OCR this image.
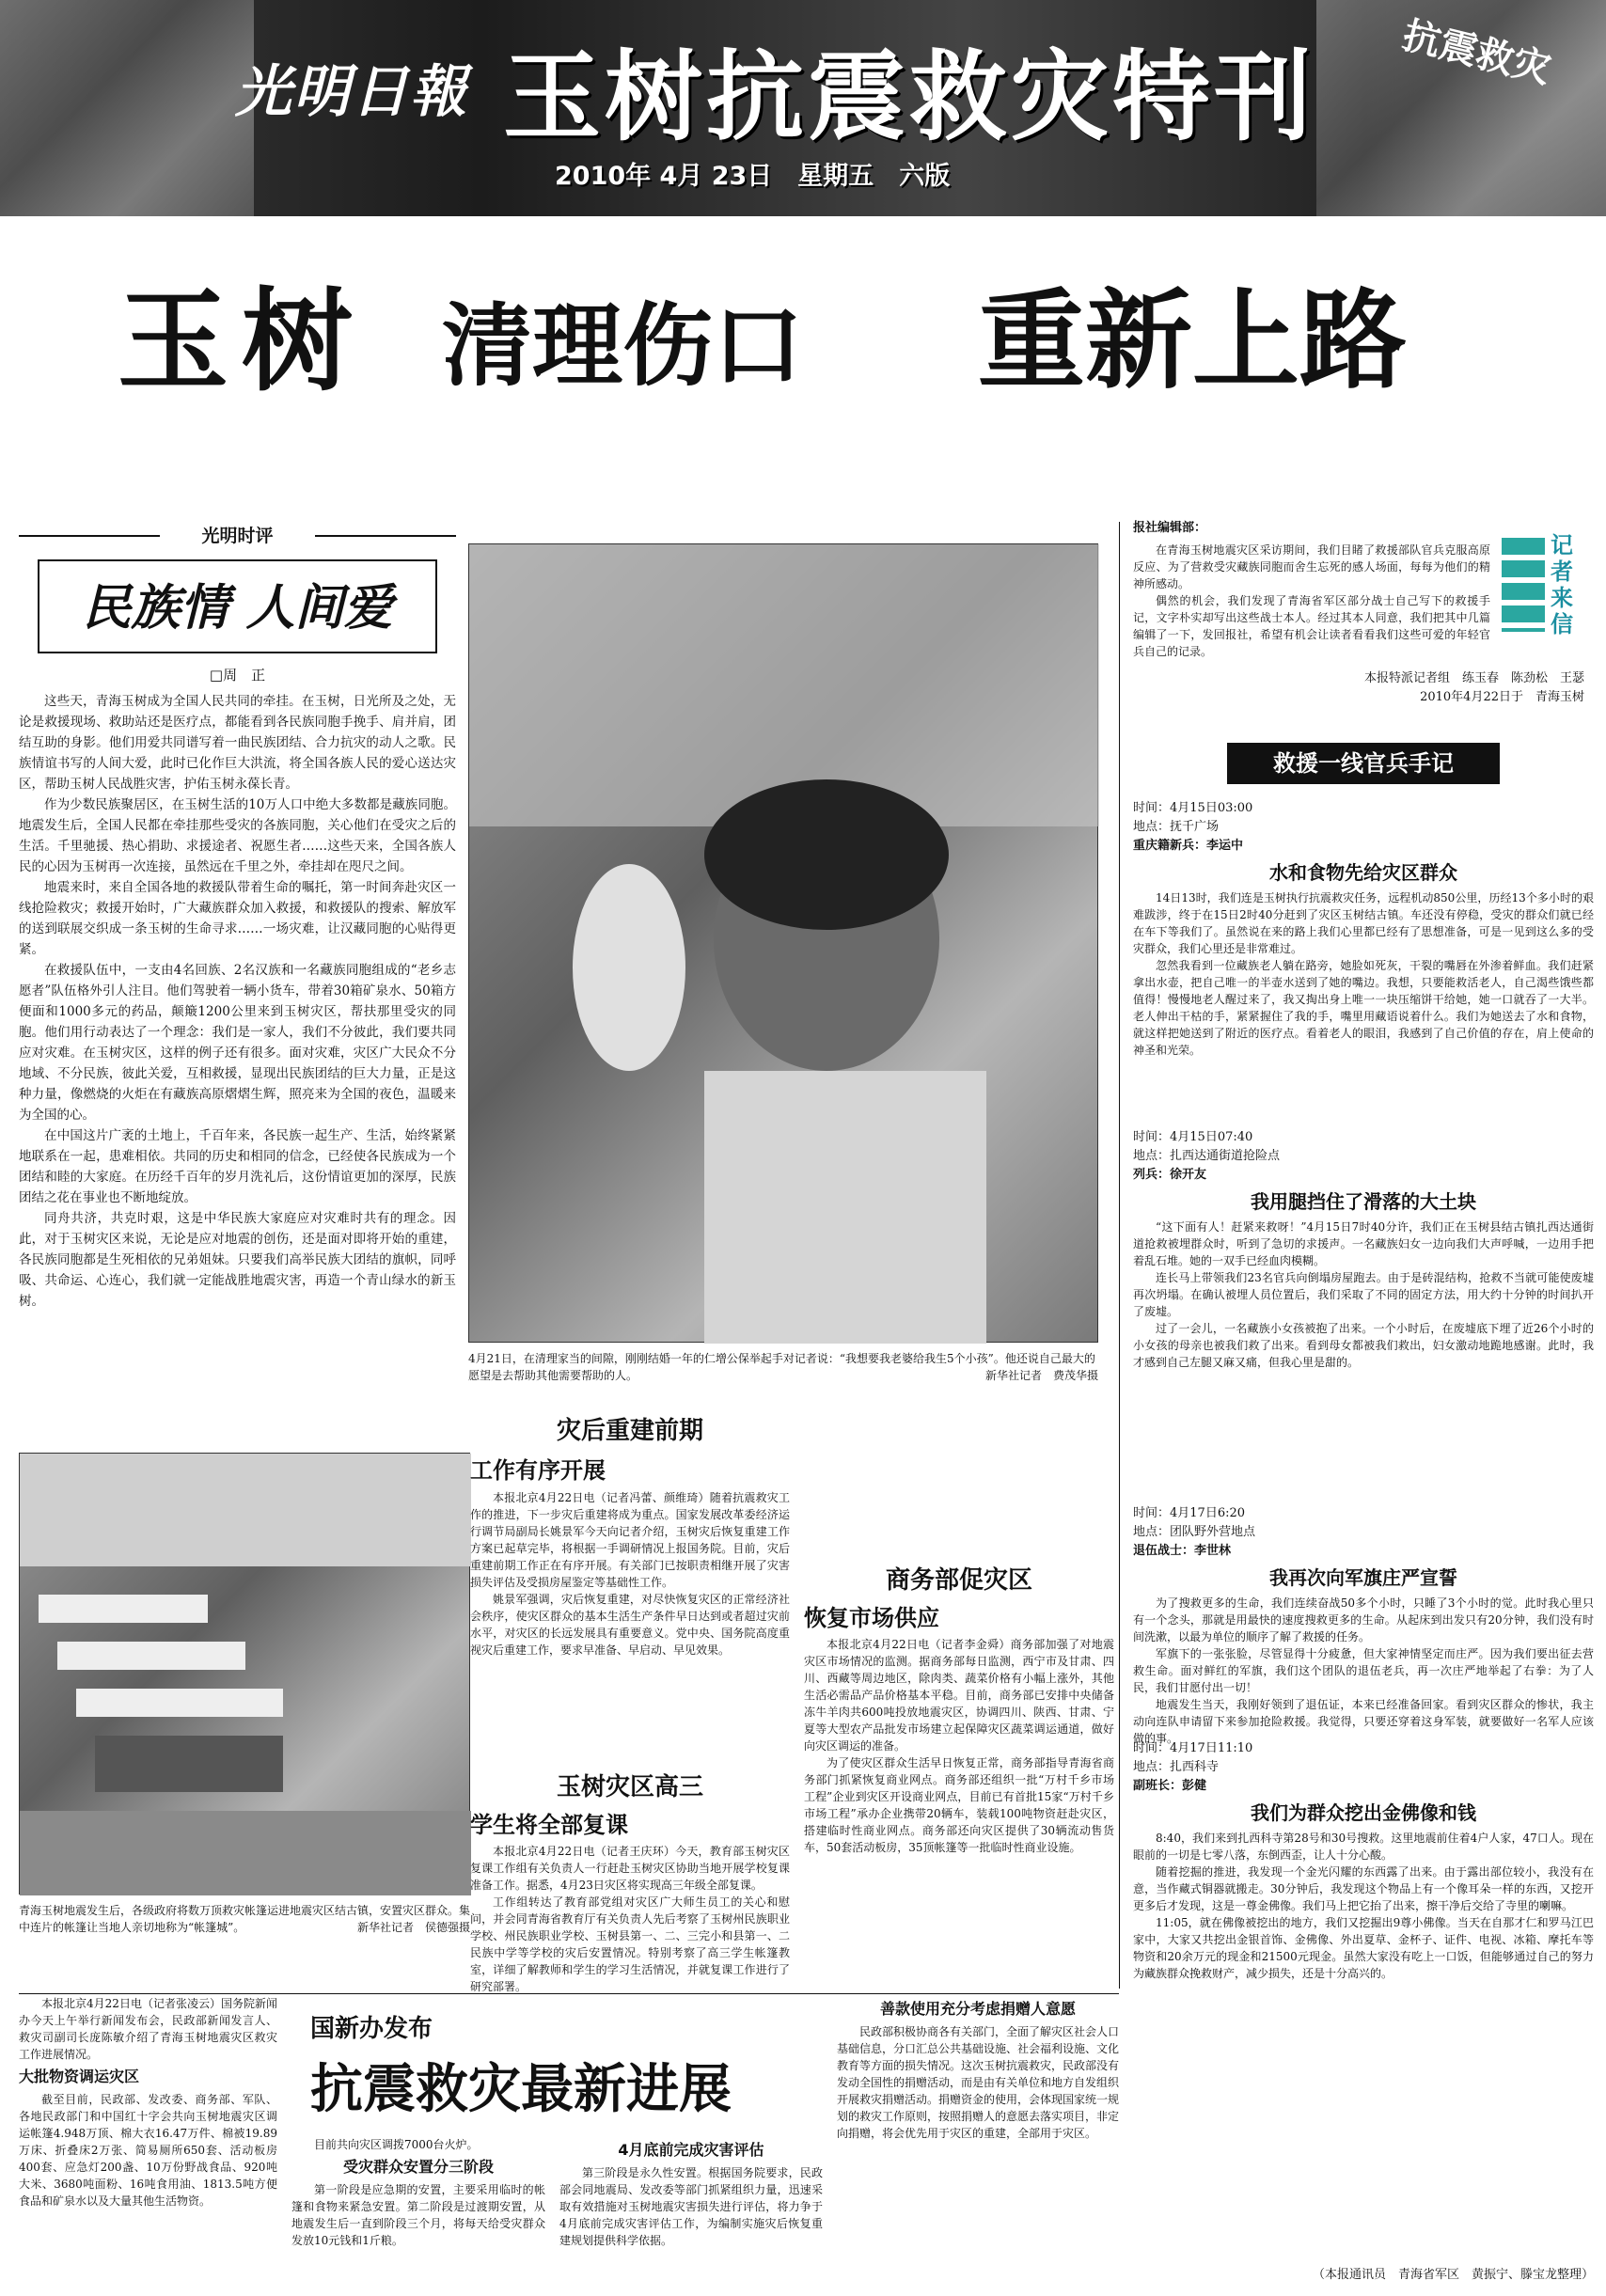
光明日報 玉树抗震救灾特刊
2010年 4月 23日　星期五　六版
抗震救灾
玉树 清理伤口	重新上路
光明时评
民族情 人间爱
□周　正

这些天，青海玉树成为全国人民共同的牵挂。在玉树，日光所及之处，无论是救援现场、救助站还是医疗点，都能看到各民族同胞手挽手、肩并肩，团结互助的身影。他们用爱共同谱写着一曲民族团结、合力抗灾的动人之歌。民族情谊书写的人间大爱，此时已化作巨大洪流，将全国各族人民的爱心送达灾区，帮助玉树人民战胜灾害，护佑玉树永葆长青。

作为少数民族聚居区，在玉树生活的10万人口中绝大多数都是藏族同胞。地震发生后，全国人民都在牵挂那些受灾的各族同胞，关心他们在受灾之后的生活。千里驰援、热心捐助、求援途者、祝愿生者……这些天来，全国各族人民的心因为玉树再一次连接，虽然远在千里之外，牵挂却在咫尺之间。

地震来时，来自全国各地的救援队带着生命的嘱托，第一时间奔赴灾区一线抢险救灾；救援开始时，广大藏族群众加入救援，和救援队的搜索、解放军的送到联展交织成一条玉树的生命寻求……一场灾难，让汉藏同胞的心贴得更紧。

在救援队伍中，一支由4名回族、2名汉族和一名藏族同胞组成的“老乡志愿者”队伍格外引人注目。他们驾驶着一辆小货车，带着30箱矿泉水、50箱方便面和1000多元的药品，颠簸1200公里来到玉树灾区，帮扶那里受灾的同胞。他们用行动表达了一个理念：我们是一家人，我们不分彼此，我们要共同应对灾难。在玉树灾区，这样的例子还有很多。面对灾难，灾区广大民众不分地域、不分民族，彼此关爱，互相救援，显现出民族团结的巨大力量，正是这种力量，像燃烧的火炬在有藏族高原熠熠生辉，照亮来为全国的夜色，温暖来为全国的心。

在中国这片广袤的土地上，千百年来，各民族一起生产、生活，始终紧紧地联系在一起，患难相依。共同的历史和相同的信念，已经使各民族成为一个团结和睦的大家庭。在历经千百年的岁月洗礼后，这份情谊更加的深厚，民族团结之花在事业也不断地绽放。

同舟共济，共克时艰，这是中华民族大家庭应对灾难时共有的理念。因此，对于玉树灾区来说，无论是应对地震的创伤，还是面对即将开始的重建，各民族同胞都是生死相依的兄弟姐妹。只要我们高举民族大团结的旗帜，同呼吸、共命运、心连心，我们就一定能战胜地震灾害，再造一个青山绿水的新玉树。

4月21日，在清理家当的间隙，刚刚结婚一年的仁增公保举起手对记者说：“我想要我老婆给我生5个小孩”。他还说自己最大的愿望是去帮助其他需要帮助的人。	新华社记者　费茂华摄

报社编辑部：

在青海玉树地震灾区采访期间，我们目睹了救援部队官兵克服高原反应、为了营救受灾藏族同胞而舍生忘死的感人场面，每每为他们的精神所感动。

偶然的机会，我们发现了青海省军区部分战士自己写下的救援手记，文字朴实却写出这些战士本人。经过其本人同意，我们把其中几篇编辑了一下，发回报社，希望有机会让读者看看我们这些可爱的年轻官兵自己的记录。

记者来信

本报特派记者组　练玉春　陈劲松　王瑟

2010年4月22日于　青海玉树

救援一线官兵手记

时间：4月15日03:00

地点：抚千广场

重庆籍新兵：李运中

水和食物先给灾区群众

14日13时，我们连是玉树执行抗震救灾任务，远程机动850公里，历经13个多小时的艰难跋涉，终于在15日2时40分赶到了灾区玉树结古镇。车还没有停稳，受灾的群众们就已经在车下等我们了。虽然说在来的路上我们心里都已经有了思想准备，可是一见到这么多的受灾群众，我们心里还是非常难过。

忽然我看到一位藏族老人躺在路旁，她脸如死灰，干裂的嘴唇在外渗着鲜血。我们赶紧拿出水壶，把自己唯一的半壶水送到了她的嘴边。我想，只要能救活老人，自己渴些饿些都值得！慢慢地老人醒过来了，我又掏出身上唯一一块压缩饼干给她，她一口就吞了一大半。老人伸出干枯的手，紧紧握住了我的手，嘴里用藏语说着什么。我们为她送去了水和食物，就这样把她送到了附近的医疗点。看着老人的眼泪，我感到了自己价值的存在，肩上使命的神圣和光荣。

时间：4月15日07:40

地点：扎西达通街道抢险点

列兵：徐开友

我用腿挡住了滑落的大土块

“这下面有人！赶紧来救呀！”4月15日7时40分许，我们正在玉树县结古镇扎西达通街道抢救被埋群众时，听到了急切的求援声。一名藏族妇女一边向我们大声呼喊，一边用手把着乱石堆。她的一双手已经血肉模糊。

连长马上带领我们23名官兵向倒塌房屋跑去。由于是砖混结构，抢救不当就可能使废墟再次坍塌。在确认被埋人员位置后，我们采取了不同的固定方法，用大约十分钟的时间扒开了废墟。

过了一会儿，一名藏族小女孩被抱了出来。一个小时后，在废墟底下埋了近26个小时的小女孩的母亲也被我们救了出来。看到母女都被我们救出，妇女激动地跪地感谢。此时，我才感到自己左腿又麻又痛，但我心里是甜的。

时间：4月17日6:20

地点：团队野外营地点

退伍战士：李世林

我再次向军旗庄严宣誓

为了搜救更多的生命，我们连续奋战50多个小时，只睡了3个小时的觉。此时我心里只有一个念头，那就是用最快的速度搜救更多的生命。从起床到出发只有20分钟，我们没有时间洗漱，以最为单位的顺序了解了救援的任务。

军旗下的一张张脸，尽管显得十分疲惫，但大家神情坚定而庄严。因为我们要出征去营救生命。面对鲜红的军旗，我们这个团队的退伍老兵，再一次庄严地举起了右拳：为了人民，我们甘愿付出一切！

地震发生当天，我刚好领到了退伍证，本来已经准备回家。看到灾区群众的惨状，我主动向连队申请留下来参加抢险救援。我觉得，只要还穿着这身军装，就要做好一名军人应该做的事。

时间：4月17日11:10

地点：扎西科寺

副班长：彭健

我们为群众挖出金佛像和钱

8:40，我们来到扎西科寺第28号和30号搜救。这里地震前住着4户人家，47口人。现在眼前的一切是七零八落，东倒西歪，让人十分心酸。

随着挖掘的推进，我发现一个金光闪耀的东西露了出来。由于露出部位较小，我没有在意，当作藏式铜器就搬走。30分钟后，我发现这个物品上有一个像耳朵一样的东西，又挖开更多后才发现，这是一尊金佛像。我们马上把它抬了出来，擦干净后交给了寺里的喇嘛。

11:05，就在佛像被挖出的地方，我们又挖掘出9尊小佛像。当天在自那才仁和罗马江巴家中，大家又共挖出金银首饰、金佛像、外出夏草、金杯子、证件、电视、冰箱、摩托车等物资和20余万元的现金和21500元现金。虽然大家没有吃上一口饭，但能够通过自己的努力为藏族群众挽救财产，减少损失，还是十分高兴的。

（本报通讯员　青海省军区　黄振宁、滕宝龙整理）

青海玉树地震发生后，各级政府将数万顶救灾帐篷运进地震灾区结古镇，安置灾区群众。集中连片的帐篷让当地人亲切地称为“帐篷城”。	新华社记者　侯德强摄
灾后重建前期
工作有序开展

本报北京4月22日电（记者冯蕾、颜维琦）随着抗震救灾工作的推进，下一步灾后重建将成为重点。国家发展改革委经济运行调节局副局长姚景军今天向记者介绍，玉树灾后恢复重建工作方案已起草完毕，将根据一手调研情况上报国务院。目前，灾后重建前期工作正在有序开展。有关部门已按职责相继开展了灾害损失评估及受损房屋鉴定等基础性工作。

姚景军强调，灾后恢复重建，对尽快恢复灾区的正常经济社会秩序，使灾区群众的基本生活生产条件早日达到或者超过灾前水平，对灾区的长远发展具有重要意义。党中央、国务院高度重视灾后重建工作，要求早准备、早启动、早见效果。

玉树灾区高三
学生将全部复课

本报北京4月22日电（记者王庆环）今天，教育部玉树灾区复课工作组有关负责人一行赶赴玉树灾区协助当地开展学校复课准备工作。据悉，4月23日灾区将实现高三年级全部复课。

工作组转达了教育部党组对灾区广大师生员工的关心和慰问，并会同青海省教育厅有关负责人先后考察了玉树州民族职业学校、州民族职业学校、玉树县第一、二、三完小和县第一、二民族中学等学校的灾后安置情况。特别考察了高三学生帐篷教室，详细了解教师和学生的学习生活情况，并就复课工作进行了研究部署。

商务部促灾区
恢复市场供应

本报北京4月22日电（记者李金舜）商务部加强了对地震灾区市场情况的监测。据商务部每日监测，西宁市及甘肃、四川、西藏等周边地区，除肉类、蔬菜价格有小幅上涨外，其他生活必需品产品价格基本平稳。目前，商务部已安排中央储备冻牛羊肉共600吨投放地震灾区，协调四川、陕西、甘肃、宁夏等大型农产品批发市场建立起保障灾区蔬菜调运通道，做好向灾区调运的准备。

为了使灾区群众生活早日恢复正常，商务部指导青海省商务部门抓紧恢复商业网点。商务部还组织一批“万村千乡市场工程”企业到灾区开设商业网点，目前已有首批15家“万村千乡市场工程”承办企业携带20辆车，装载100吨物资赶赴灾区，搭建临时性商业网点。商务部还向灾区提供了30辆流动售货车，50套活动板房，35顶帐篷等一批临时性商业设施。

本报北京4月22日电（记者张凌云）国务院新闻办今天上午举行新闻发布会，民政部新闻发言人、救灾司副司长庞陈敏介绍了青海玉树地震灾区救灾工作进展情况。

大批物资调运灾区

截至目前，民政部、发改委、商务部、军队、各地民政部门和中国红十字会共向玉树地震灾区调运帐篷4.948万顶、棉大衣16.47万件、棉被19.89万床、折叠床2万张、简易厕所650套、活动板房400套、应急灯200盏、10万份野战食品、920吨大米、3680吨面粉、16吨食用油、1813.5吨方便食品和矿泉水以及大量其他生活物资。

国新办发布
抗震救灾最新进展

目前共向灾区调拨7000台火炉。

受灾群众安置分三阶段

第一阶段是应急期的安置，主要采用临时的帐篷和食物来紧急安置。第二阶段是过渡期安置，从地震发生后一直到阶段三个月，将每天给受灾群众发放10元钱和1斤粮。

4月底前完成灾害评估

第三阶段是永久性安置。根据国务院要求，民政部会同地震局、发改委等部门抓紧组织力量，迅速采取有效措施对玉树地震灾害损失进行评估，将力争于4月底前完成灾害评估工作，为编制实施灾后恢复重建规划提供科学依据。

善款使用充分考虑捐赠人意愿

民政部积极协商各有关部门，全面了解灾区社会人口基础信息，分口汇总公共基础设施、社会福利设施、文化教育等方面的损失情况。这次玉树抗震救灾，民政部没有发动全国性的捐赠活动，而是由有关单位和地方自发组织开展救灾捐赠活动。捐赠资金的使用，会体现国家统一规划的救灾工作原则，按照捐赠人的意愿去落实项目，非定向捐赠，将会优先用于灾区的重建，全部用于灾区。
